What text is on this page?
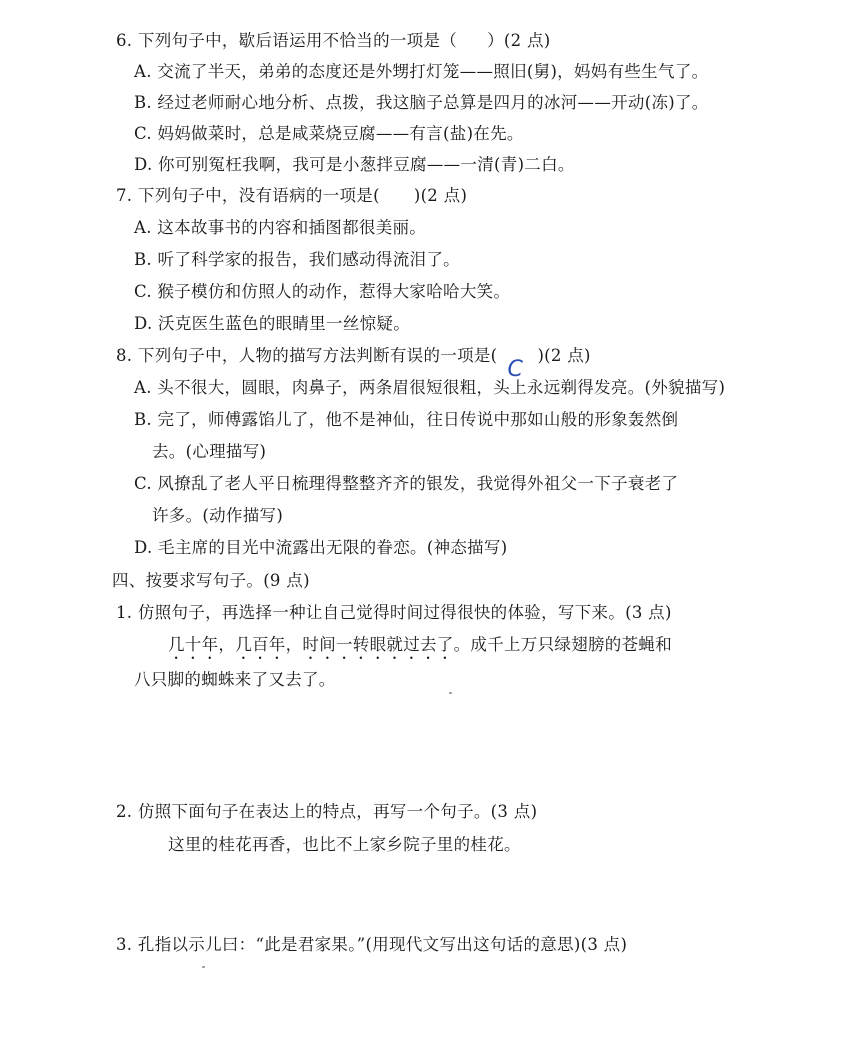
6. 下列句子中，歇后语运用不恰当的一项是（ ）(2 点)
A. 交流了半天，弟弟的态度还是外甥打灯笼——照旧(舅)，妈妈有些生气了。
B. 经过老师耐心地分析、点拨，我这脑子总算是四月的冰河——开动(冻)了。
C. 妈妈做菜时，总是咸菜烧豆腐——有言(盐)在先。
D. 你可别冤枉我啊，我可是小葱拌豆腐——一清(青)二白。
7. 下列句子中，没有语病的一项是( )(2 点)
A. 这本故事书的内容和插图都很美丽。
B. 听了科学家的报告，我们感动得流泪了。
C. 猴子模仿和仿照人的动作，惹得大家哈哈大笑。
D. 沃克医生蓝色的眼睛里一丝惊疑。
8. 下列句子中，人物的描写方法判断有误的一项是(
C
)(2 点)
A. 头不很大，圆眼，肉鼻子，两条眉很短很粗，头上永远剃得发亮。(外貌描写)
B. 完了，师傅露馅儿了，他不是神仙，往日传说中那如山般的形象轰然倒
去。(心理描写)
C. 风撩乱了老人平日梳理得整整齐齐的银发，我觉得外祖父一下子衰老了
许多。(动作描写)
D. 毛主席的目光中流露出无限的眷恋。(神态描写)
四、按要求写句子。(9 点)
1. 仿照句子，再选择一种让自己觉得时间过得很快的体验，写下来。(3 点)
几十年，几百年，时间一转眼就过去了。成千上万只绿翅膀的苍蝇和
八只脚的蜘蛛来了又去了。
2. 仿照下面句子在表达上的特点，再写一个句子。(3 点)
这里的桂花再香，也比不上家乡院子里的桂花。
3. 孔指以示儿曰：“此是君家果。”(用现代文写出这句话的意思)(3 点)
